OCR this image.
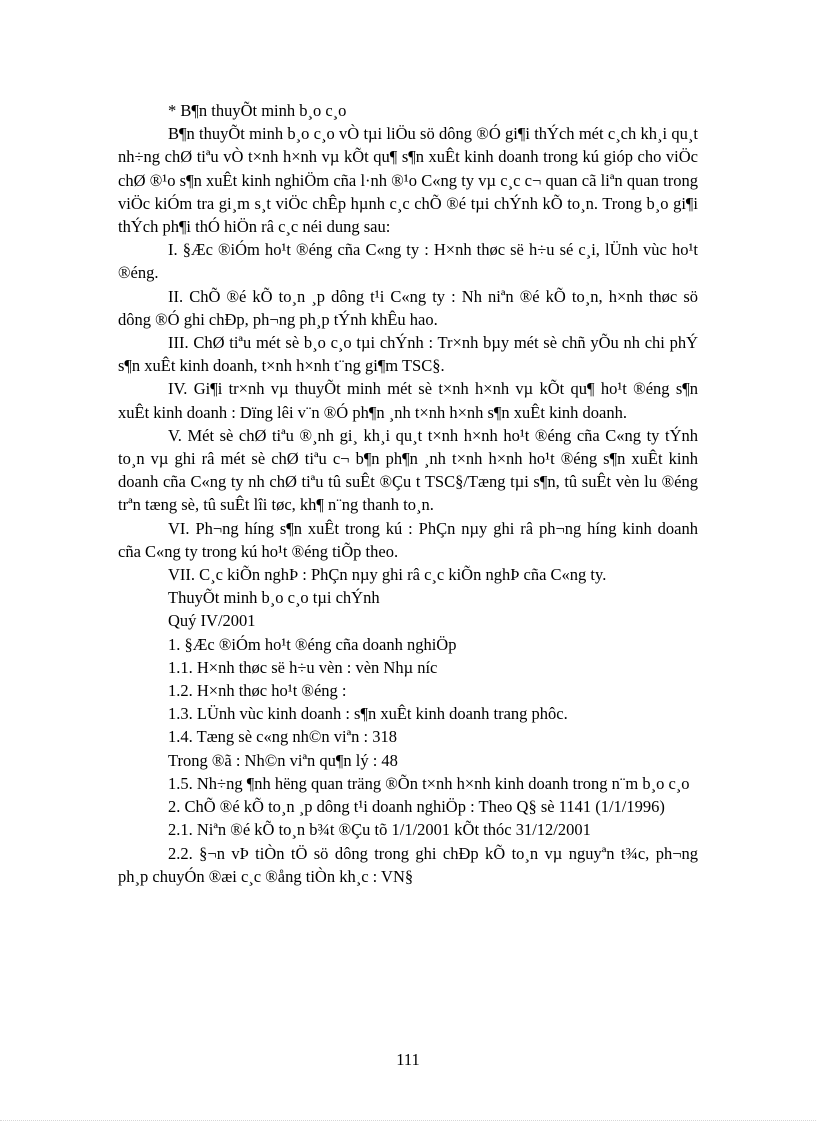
* B¶n thuyÕt minh b¸o c¸o

B¶n thuyÕt minh b¸o c¸o vÒ tµi liÖu sö dông ®Ó gi¶i thÝch mét c¸ch kh¸i qu¸t nh÷ng chØ tiªu vÒ t×nh h×nh vµ kÕt qu¶ s¶n xuÊt kinh doanh trong kú gióp cho viÖc chØ ®¹o s¶n xuÊt kinh nghiÖm cña l·nh ®¹o C«ng ty vµ c¸c c¬ quan cã liªn quan trong viÖc kiÓm tra gi¸m s¸t viÖc chÊp hµnh c¸c chÕ ®é tµi chÝnh kÕ to¸n. Trong b¸o gi¶i thÝch ph¶i thÓ hiÖn râ c¸c néi dung sau:

I. §Æc ®iÓm ho¹t ®éng cña C«ng ty : H×nh thøc së h÷u sé c¸i, lÜnh vùc ho¹t ®éng.

II. ChÕ ®é kÕ to¸n ¸p dông t¹i C«ng ty : Nh niªn ®é kÕ to¸n, h×nh thøc sö dông ®Ó ghi chÐp, ph¬ng ph¸p tÝnh khÊu hao.

III. ChØ tiªu mét sè b¸o c¸o tµi chÝnh : Tr×nh bµy mét sè chñ yÕu nh chi phÝ s¶n xuÊt kinh doanh, t×nh h×nh t¨ng gi¶m TSC§.

IV. Gi¶i tr×nh vµ thuyÕt minh mét sè t×nh h×nh vµ kÕt qu¶ ho¹t ®éng s¶n xuÊt kinh doanh : Dïng lêi v¨n ®Ó ph¶n ¸nh t×nh h×nh s¶n xuÊt kinh doanh.

V. Mét sè chØ tiªu ®¸nh gi¸ kh¸i qu¸t t×nh h×nh ho¹t ®éng cña C«ng ty tÝnh to¸n vµ ghi râ mét sè chØ tiªu c¬ b¶n ph¶n ¸nh t×nh h×nh ho¹t ®éng s¶n xuÊt kinh doanh cña C«ng ty nh chØ tiªu tû suÊt ®Çu t TSC§/Tæng tµi s¶n, tû suÊt vèn lu ®éng trªn tæng sè, tû suÊt lîi tøc, kh¶ n¨ng thanh to¸n.

VI. Ph¬ng híng s¶n xuÊt trong kú : PhÇn nµy ghi râ ph¬ng híng kinh doanh cña C«ng ty trong kú ho¹t ®éng tiÕp theo.

VII. C¸c kiÕn nghÞ : PhÇn nµy ghi râ c¸c kiÕn nghÞ cña C«ng ty.

ThuyÕt minh b¸o c¸o tµi chÝnh

Quý IV/2001

1. §Æc ®iÓm ho¹t ®éng cña doanh nghiÖp

1.1. H×nh thøc së h÷u vèn : vèn Nhµ níc

1.2. H×nh thøc ho¹t ®éng :

1.3. LÜnh vùc kinh doanh : s¶n xuÊt kinh doanh trang phôc.

1.4. Tæng sè c«ng nh©n viªn : 318

Trong ®ã : Nh©n viªn qu¶n lý : 48

1.5. Nh÷ng ¶nh hëng quan träng ®Õn t×nh h×nh kinh doanh trong n¨m b¸o c¸o

2. ChÕ ®é kÕ to¸n ¸p dông t¹i doanh nghiÖp : Theo Q§ sè 1141 (1/1/1996)

2.1. Niªn ®é kÕ to¸n b¾t ®Çu tõ 1/1/2001 kÕt thóc 31/12/2001

2.2. §¬n vÞ tiÒn tÖ sö dông trong ghi chÐp kÕ to¸n vµ nguyªn t¾c, ph¬ng ph¸p chuyÓn ®æi c¸c ®ång tiÒn kh¸c : VN§

111
